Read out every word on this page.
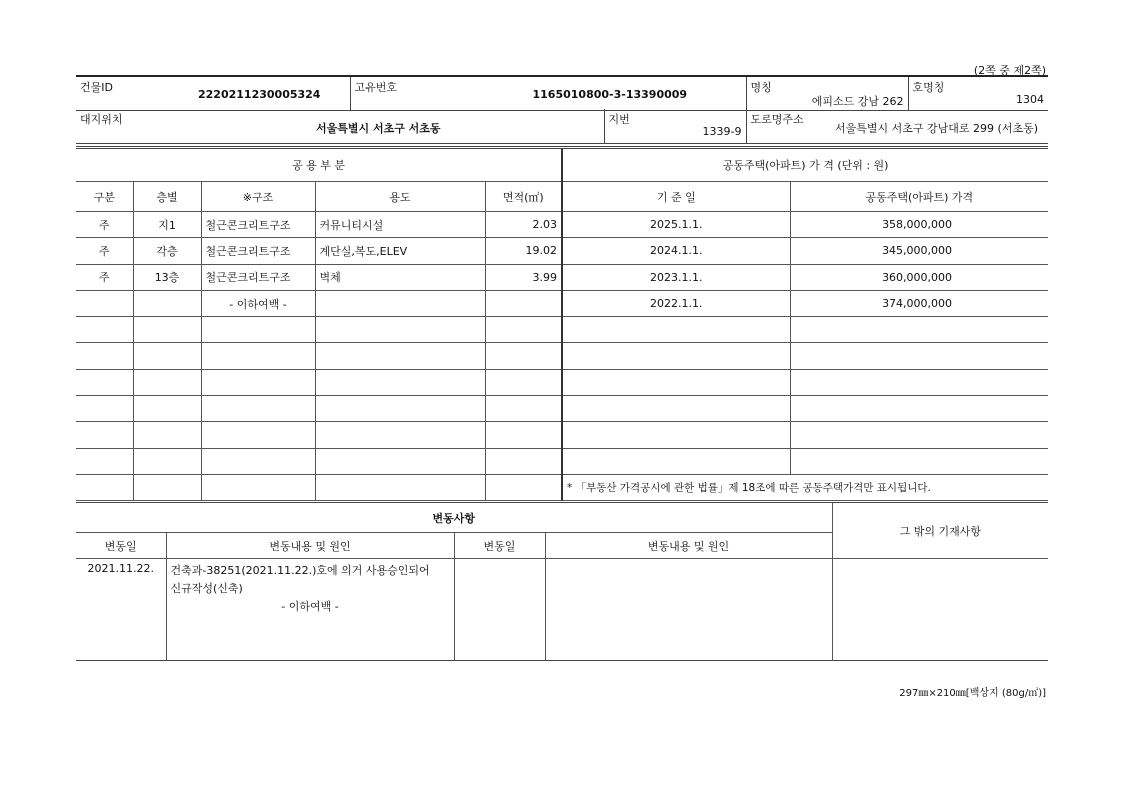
(2쪽 중 제2쪽)
건물ID
2220211230005324

고유번호
1165010800-3-13390009

명칭
에피소드 강남 262

호명칭
1304
대지위치
서울특별시 서초구 서초동

지번
1339-9

도로명주소
서울특별시 서초구 강남대로 299 (서초동)
공 용 부 분					공동주택(아파트) 가 격 (단위 : 원)	
구분	층별	※구조	용도	면적(㎡)	기 준 일	공동주택(아파트) 가격
주	지1	철근콘크리트구조	커뮤니티시설	2.03	2025.1.1.	358,000,000
주	각층	철근콘크리트구조	계단실,복도,ELEV	19.02	2024.1.1.	345,000,000
주	13층	철근콘크리트구조	벽체	3.99	2023.1.1.	360,000,000
		- 이하여백 -			2022.1.1.	374,000,000

					* 「부동산 가격공시에 관한 법률」제 18조에 따른 공동주택가격만 표시됩니다.	
변동사항				그 밖의 기재사항
변동일	변동내용 및 원인	변동일	변동내용 및 원인	
2021.11.22.	건축과-38251(2021.11.22.)호에 의거 사용승인되어
신규작성(신축)
- 이하여백 -			

297㎜×210㎜[백상지 (80g/㎡)]
